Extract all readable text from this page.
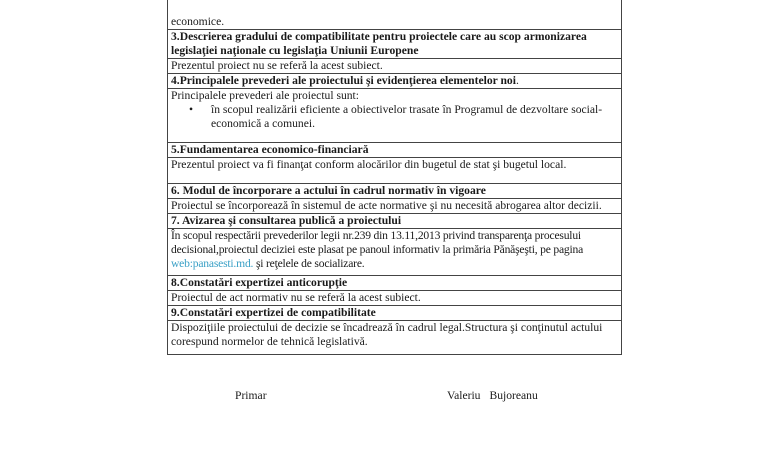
economice.
3.Descrierea gradului de compatibilitate pentru proiectele care au scop armonizarea legislaţiei naţionale cu legislaţia Uniunii Europene
Prezentul proiect nu se referă la acest subiect.
4.Principalele prevederi ale proiectului şi evidenţierea elementelor noi.

Principalele prevederi ale proiectul sunt:
• în scopul realizării eficiente a obiectivelor trasate în Programul de dezvoltare social-economică a comunei.

5.Fundamentarea economico-financiară

Prezentul proiect va fi finanţat conform alocărilor din bugetul de stat şi bugetul local.

6. Modul de încorporare a actului în cadrul normativ în vigoare
Proiectul se încorporează în sistemul de acte normative şi nu necesită abrogarea altor decizii.
7. Avizarea şi consultarea publică a proiectului
În scopul respectării prevederilor legii nr.239 din 13.11,2013 privind transparenţa procesului decisional,proiectul deciziei este plasat pe panoul informativ la primăria Pănăşeşti, pe pagina
web:panasesti.md. şi reţelele de socializare.

8.Constatări expertizei anticorupţie
Proiectul de act normativ nu se referă la acest subiect.
9.Constatări expertizei de compatibilitate

Dispoziţiile proiectului de decizie se încadrează în cadrul legal.Structura şi conţinutul actului corespund normelor de tehnică legislativă.
Primar	Valeriu Bujoreanu
